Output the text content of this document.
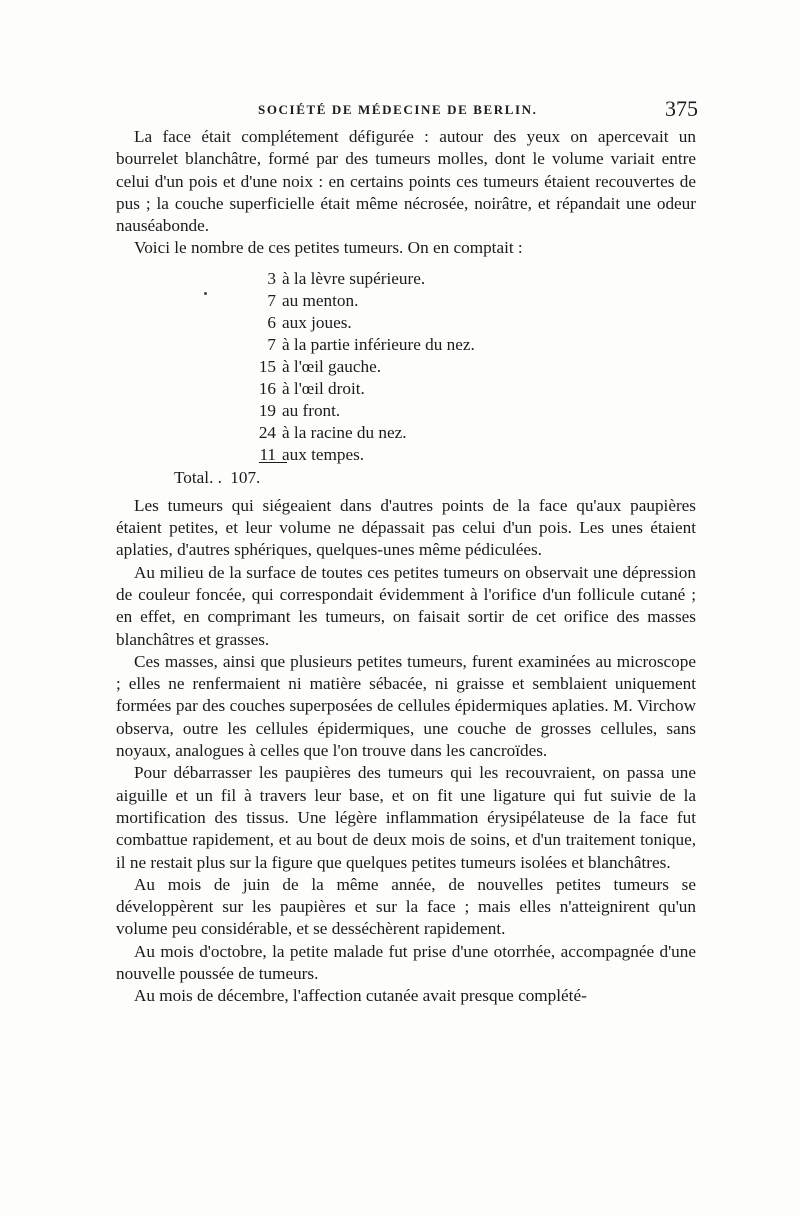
SOCIÉTÉ DE MÉDECINE DE BERLIN.	375

La face était complétement défigurée : autour des yeux on apercevait un bourrelet blanchâtre, formé par des tumeurs molles, dont le volume variait entre celui d'un pois et d'une noix : en certains points ces tumeurs étaient recouvertes de pus ; la couche superficielle était même nécrosée, noirâtre, et répandait une odeur nauséabonde.

Voici le nombre de ces petites tumeurs. On en comptait :

3 à la lèvre supérieure.
7 au menton.
6 aux joues.
7 à la partie inférieure du nez.
15 à l'œil gauche.
16 à l'œil droit.
19 au front.
24 à la racine du nez.
11 aux tempes.
Total. . 107.

Les tumeurs qui siégeaient dans d'autres points de la face qu'aux paupières étaient petites, et leur volume ne dépassait pas celui d'un pois. Les unes étaient aplaties, d'autres sphériques, quelques-unes même pédiculées.

Au milieu de la surface de toutes ces petites tumeurs on observait une dépression de couleur foncée, qui correspondait évidemment à l'orifice d'un follicule cutané ; en effet, en comprimant les tumeurs, on faisait sortir de cet orifice des masses blanchâtres et grasses.

Ces masses, ainsi que plusieurs petites tumeurs, furent examinées au microscope ; elles ne renfermaient ni matière sébacée, ni graisse et semblaient uniquement formées par des couches superposées de cellules épidermiques aplaties. M. Virchow observa, outre les cellules épidermiques, une couche de grosses cellules, sans noyaux, analogues à celles que l'on trouve dans les cancroïdes.

Pour débarrasser les paupières des tumeurs qui les recouvraient, on passa une aiguille et un fil à travers leur base, et on fit une ligature qui fut suivie de la mortification des tissus. Une légère inflammation érysipélateuse de la face fut combattue rapidement, et au bout de deux mois de soins, et d'un traitement tonique, il ne restait plus sur la figure que quelques petites tumeurs isolées et blanchâtres.

Au mois de juin de la même année, de nouvelles petites tumeurs se développèrent sur les paupières et sur la face ; mais elles n'atteignirent qu'un volume peu considérable, et se desséchèrent rapidement.

Au mois d'octobre, la petite malade fut prise d'une otorrhée, accompagnée d'une nouvelle poussée de tumeurs.

Au mois de décembre, l'affection cutanée avait presque complété-
